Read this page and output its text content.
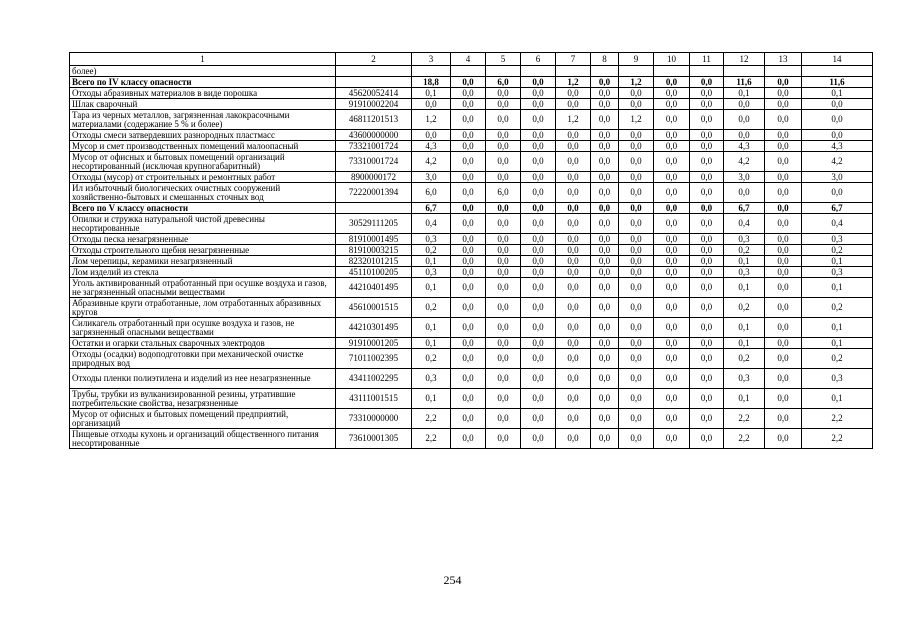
1	2	3	4	5	6	7	8	9	10	11	12	13	14
более)													
Всего по IV классу опасности		18,8	0,0	6,0	0,0	1,2	0,0	1,2	0,0	0,0	11,6	0,0	11,6
Отходы абразивных материалов в виде порошка	45620052414	0,1	0,0	0,0	0,0	0,0	0,0	0,0	0,0	0,0	0,1	0,0	0,1
Шлак сварочный	91910002204	0,0	0,0	0,0	0,0	0,0	0,0	0,0	0,0	0,0	0,0	0,0	0,0
Тара из черных металлов, загрязненная лакокрасочными материалами (содержание 5 % и более)	46811201513	1,2	0,0	0,0	0,0	1,2	0,0	1,2	0,0	0,0	0,0	0,0	0,0
Отходы смеси затвердевших разнородных пластмасс	43600000000	0,0	0,0	0,0	0,0	0,0	0,0	0,0	0,0	0,0	0,0	0,0	0,0
Мусор и смет производственных помещений малоопасный	73321001724	4,3	0,0	0,0	0,0	0,0	0,0	0,0	0,0	0,0	4,3	0,0	4,3
Мусор от офисных и бытовых помещений организаций несортированный (исключая крупногабаритный)	73310001724	4,2	0,0	0,0	0,0	0,0	0,0	0,0	0,0	0,0	4,2	0,0	4,2
Отходы (мусор) от строительных и ремонтных работ	8900000172	3,0	0,0	0,0	0,0	0,0	0,0	0,0	0,0	0,0	3,0	0,0	3,0
Ил избыточный биологических очистных сооружений хозяйственно-бытовых и смешанных сточных вод	72220001394	6,0	0,0	6,0	0,0	0,0	0,0	0,0	0,0	0,0	0,0	0,0	0,0
Всего по V классу опасности		6,7	0,0	0,0	0,0	0,0	0,0	0,0	0,0	0,0	6,7	0,0	6,7
Опилки и стружка натуральной чистой древесины несортированные	30529111205	0,4	0,0	0,0	0,0	0,0	0,0	0,0	0,0	0,0	0,4	0,0	0,4
Отходы песка незагрязненные	81910001495	0,3	0,0	0,0	0,0	0,0	0,0	0,0	0,0	0,0	0,3	0,0	0,3
Отходы строительного щебня незагрязненные	81910003215	0,2	0,0	0,0	0,0	0,0	0,0	0,0	0,0	0,0	0,2	0,0	0,2
Лом черепицы, керамики незагрязненный	82320101215	0,1	0,0	0,0	0,0	0,0	0,0	0,0	0,0	0,0	0,1	0,0	0,1
Лом изделий из стекла	45110100205	0,3	0,0	0,0	0,0	0,0	0,0	0,0	0,0	0,0	0,3	0,0	0,3
Уголь активированный отработанный при осушке воздуха и газов, не загрязненный опасными веществами	44210401495	0,1	0,0	0,0	0,0	0,0	0,0	0,0	0,0	0,0	0,1	0,0	0,1
Абразивные круги отработанные, лом отработанных абразивных кругов	45610001515	0,2	0,0	0,0	0,0	0,0	0,0	0,0	0,0	0,0	0,2	0,0	0,2
Силикагель отработанный при осушке воздуха и газов, не загрязненный опасными веществами	44210301495	0,1	0,0	0,0	0,0	0,0	0,0	0,0	0,0	0,0	0,1	0,0	0,1
Остатки и огарки стальных сварочных электродов	91910001205	0,1	0,0	0,0	0,0	0,0	0,0	0,0	0,0	0,0	0,1	0,0	0,1
Отходы (осадки) водоподготовки при механической очистке природных вод	71011002395	0,2	0,0	0,0	0,0	0,0	0,0	0,0	0,0	0,0	0,2	0,0	0,2
Отходы пленки полиэтилена и изделий из нее незагрязненные	43411002295	0,3	0,0	0,0	0,0	0,0	0,0	0,0	0,0	0,0	0,3	0,0	0,3
Трубы, трубки из вулканизированной резины, утратившие потребительские свойства, незагрязненные	43111001515	0,1	0,0	0,0	0,0	0,0	0,0	0,0	0,0	0,0	0,1	0,0	0,1
Мусор от офисных и бытовых помещений предприятий, организаций	73310000000	2,2	0,0	0,0	0,0	0,0	0,0	0,0	0,0	0,0	2,2	0,0	2,2
Пищевые отходы кухонь и организаций общественного питания несортированные	73610001305	2,2	0,0	0,0	0,0	0,0	0,0	0,0	0,0	0,0	2,2	0,0	2,2
254
